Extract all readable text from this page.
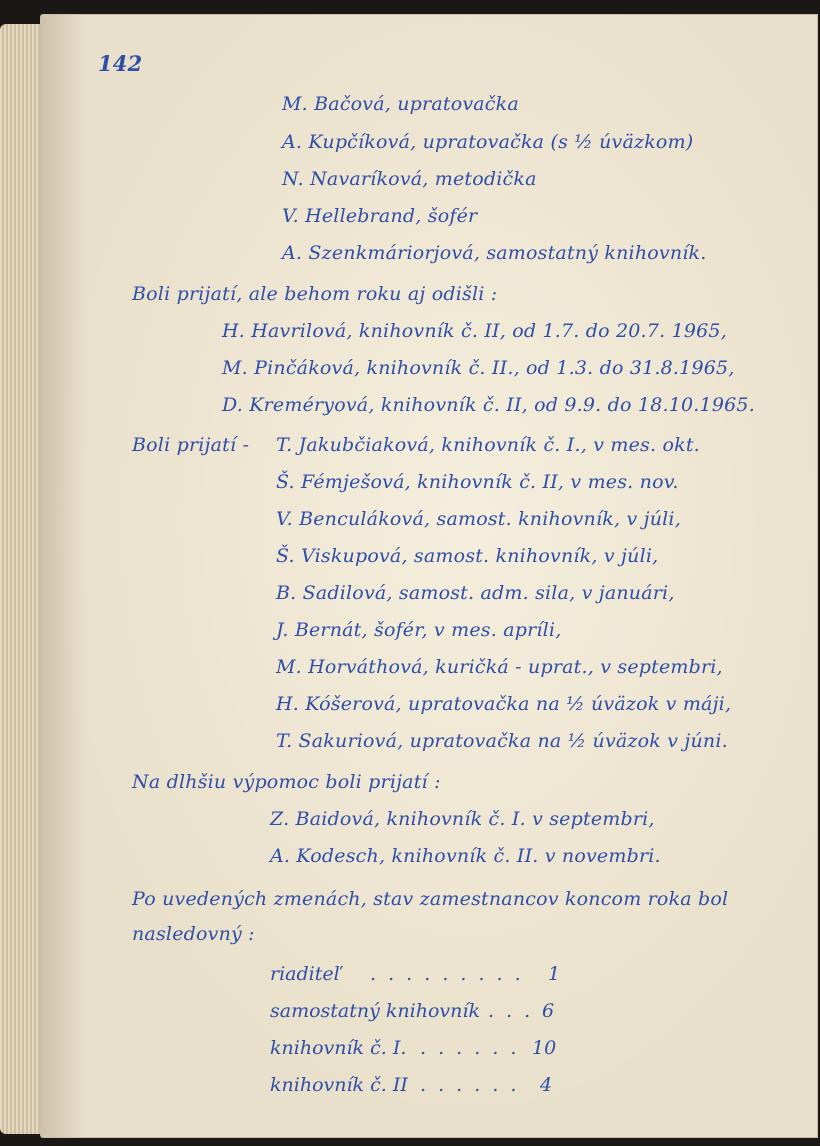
142
M. Bačová, upratovačka
A. Kupčíková, upratovačka (s ½ úväzkom)
N. Navaríková, metodička
V. Hellebrand, šofér
A. Szenkmáriorjová, samostatný knihovník.
Boli prijatí, ale behom roku aj odišli :
H. Havrilová, knihovník č. II, od 1.7. do 20.7. 1965,
M. Pinčáková, knihovník č. II., od 1.3. do 31.8.1965,
D. Kreméryová, knihovník č. II, od 9.9. do 18.10.1965.
Boli prijatí - T. Jakubčiaková, knihovník č. I., v mes. okt.
Š. Fémješová, knihovník č. II, v mes. nov.
V. Benculáková, samost. knihovník, v júli,
Š. Viskupová, samost. knihovník, v júli,
B. Sadilová, samost. adm. sila, v januári,
J. Bernát, šofér, v mes. apríli,
M. Horváthová, kuričká - uprat., v septembri,
H. Kóšerová, upratovačka na ½ úväzok v máji,
T. Sakuriová, upratovačka na ½ úväzok v júni.
Na dlhšiu výpomoc boli prijatí :
Z. Baidová, knihovník č. I. v septembri,
A. Kodesch, knihovník č. II. v novembri.
Po uvedených zmenách, stav zamestnancov koncom roka bol
nasledovný :
riaditeľ . . . . . . . . . 1
samostatný knihovník . . . 6
knihovník č. I. . . . . . . 10
knihovník č. II . . . . . . 4
